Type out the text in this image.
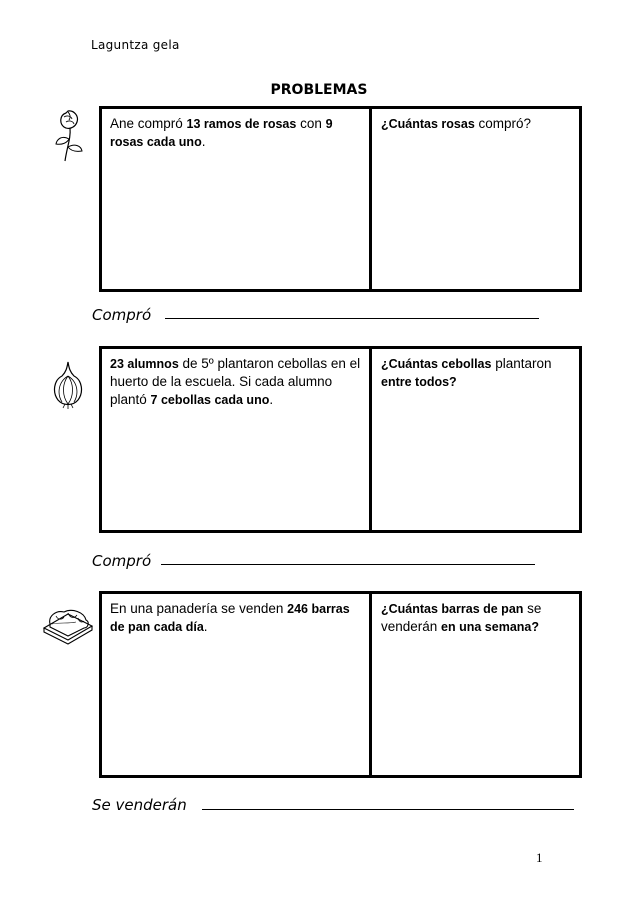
Laguntza gela
PROBLEMAS
Ane compró 13 ramos de rosas con 9 rosas cada uno.
¿Cuántas rosas compró?
Compró
23 alumnos de 5º plantaron cebollas en el huerto de la escuela. Si cada alumno plantó 7 cebollas cada uno.
¿Cuántas cebollas plantaron entre todos?
Compró
En una panadería se venden 246 barras de pan cada día.
¿Cuántas barras de pan se venderán en una semana?
Se venderán
1
